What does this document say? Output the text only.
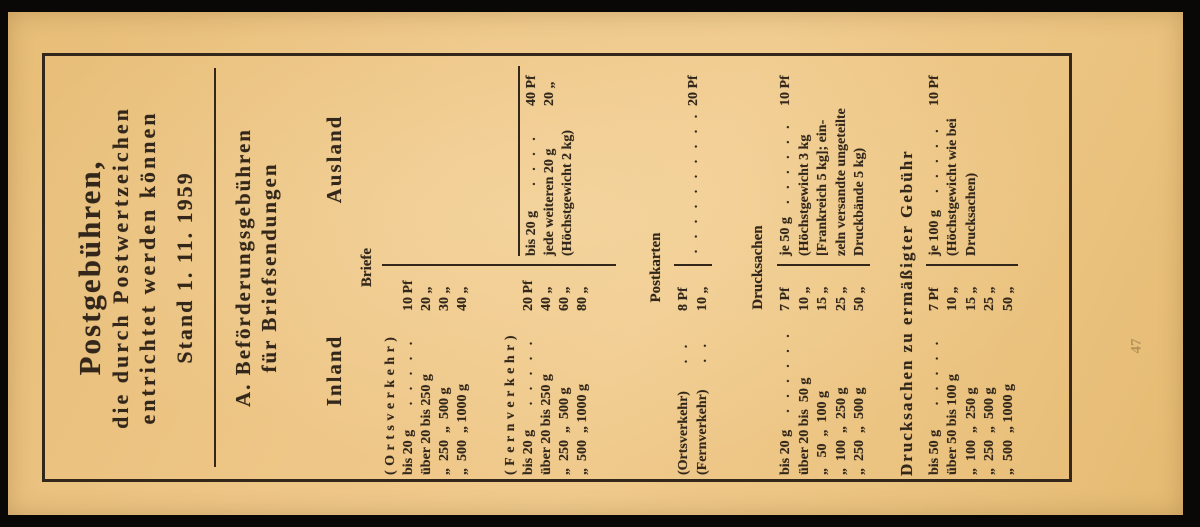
Postgebühren, die durch Postwertzeichen entrichtet werden können Stand 1. 11. 1959 A. Beförderungsgebühren für Briefsendungen Inland
Ausland
Briefe
(Ortsverkehr) bis 20 g
. . . . .
10 Pf
über 20 bis 250 g
20 „
„  250  „  500 g
30 „
„  500  „ 1000 g
40 „
(Fernverkehr) bis 20 g
. . . . .
20 Pf
über 20 bis 250 g
40 „
„  250  „  500 g
60 „
„  500  „ 1000 g
80 „
bis 20 g
. . . .
40 Pf
jede weiteren 20 g
20 „
(Höchstgewicht 2 kg)
Postkarten
(Ortsverkehr)
. .
8 Pf
(Fernverkehr)
. .
10 „
. . . . . . . . . .
20 Pf
Drucksachen
bis 20 g
. . . . . .
7 Pf
über 20 bis  50 g
10 „
„   50  „  100 g
15 „
„  100  „  250 g
25 „
„  250  „  500 g
50 „
je 50 g
. . . . . .
10 Pf
(Höchstgewicht 3 kg [Frankreich 5 kg]; ein- zeln versandte ungeteilte Druckbände 5 kg) Drucksachen zu ermäßigter Gebühr bis 50 g
. . . . .
7 Pf
über 50 bis 100 g
10 „
„  100  „  250 g
15 „
„  250  „  500 g
25 „
„  500  „ 1000 g
50 „
je 100 g
. . . . .
10 Pf
(Höchstgewicht wie bei Drucksachen)
47
